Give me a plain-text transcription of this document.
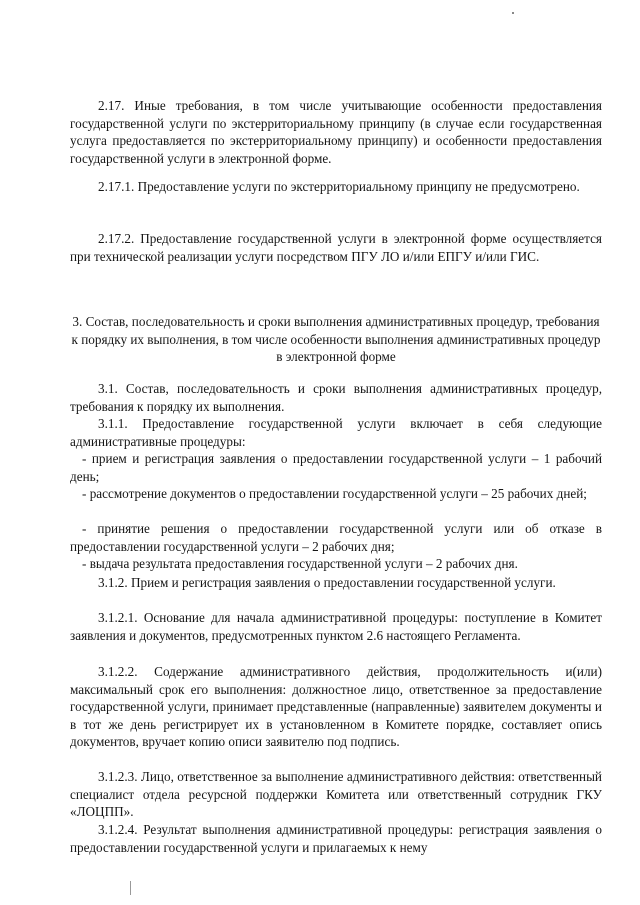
2.17. Иные требования, в том числе учитывающие особенности предоставления государственной услуги по экстерриториальному принципу (в случае если государственная услуга предоставляется по экстерриториальному принципу) и особенности предоставления государственной услуги в электронной форме.

2.17.1. Предоставление услуги по экстерриториальному принципу не предусмотрено.

2.17.2. Предоставление государственной услуги в электронной форме осуществляется при технической реализации услуги посредством ПГУ ЛО и/или ЕПГУ и/или ГИС.

3. Состав, последовательность и сроки выполнения административных процедур, требования к порядку их выполнения, в том числе особенности выполнения административных процедур в электронной форме

3.1. Состав, последовательность и сроки выполнения административных процедур, требования к порядку их выполнения.

3.1.1. Предоставление государственной услуги включает в себя следующие административные процедуры:

- прием и регистрация заявления о предоставлении государственной услуги – 1 рабочий день;

- рассмотрение документов о предоставлении государственной услуги – 25 рабочих дней;

- принятие решения о предоставлении государственной услуги или об отказе в предоставлении государственной услуги – 2 рабочих дня;

- выдача результата предоставления государственной услуги – 2 рабочих дня.

3.1.2. Прием и регистрация заявления о предоставлении государственной услуги.

3.1.2.1. Основание для начала административной процедуры: поступление в Комитет заявления и документов, предусмотренных пунктом 2.6 настоящего Регламента.

3.1.2.2. Содержание административного действия, продолжительность и(или) максимальный срок его выполнения: должностное лицо, ответственное за предоставление государственной услуги, принимает представленные (направленные) заявителем документы и в тот же день регистрирует их в установленном в Комитете порядке, составляет опись документов, вручает копию описи заявителю под подпись.

3.1.2.3. Лицо, ответственное за выполнение административного действия: ответственный специалист отдела ресурсной поддержки Комитета или ответственный сотрудник ГКУ «ЛОЦПП».

3.1.2.4. Результат выполнения административной процедуры: регистрация заявления о предоставлении государственной услуги и прилагаемых к нему
